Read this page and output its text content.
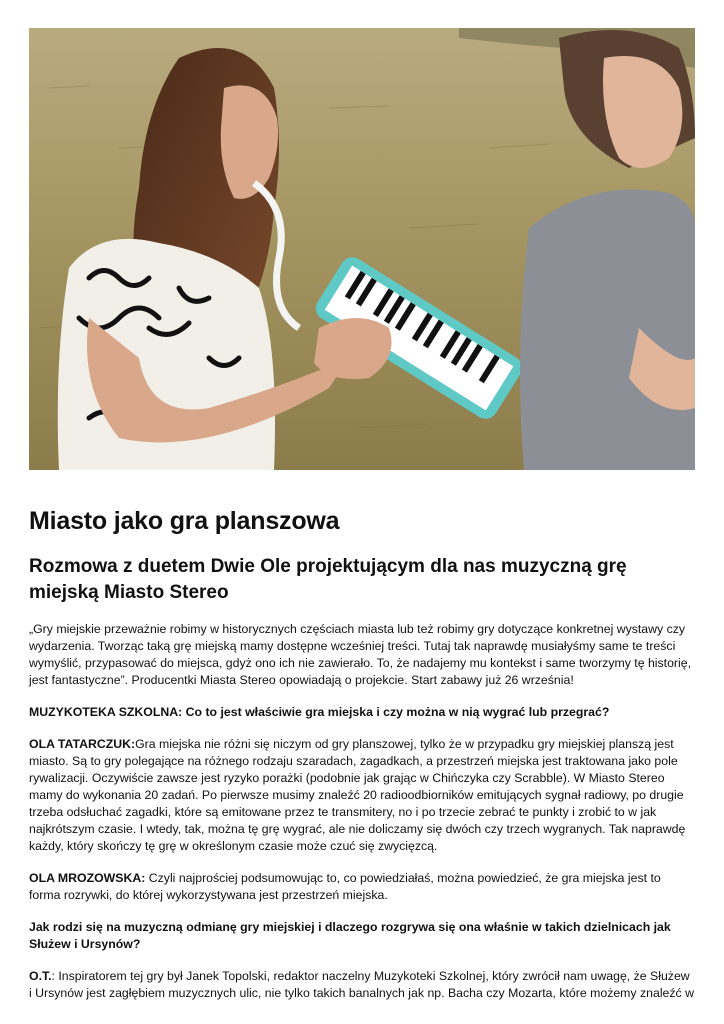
Miasto jako gra planszowa
Rozmowa z duetem Dwie Ole projektującym dla nas muzyczną grę miejską Miasto Stereo

„Gry miejskie przeważnie robimy w historycznych częściach miasta lub też robimy gry dotyczące konkretnej wystawy czy wydarzenia. Tworząc taką grę miejską mamy dostępne wcześniej treści. Tutaj tak naprawdę musiałyśmy same te treści wymyślić, przypasować do miejsca, gdyż ono ich nie zawierało. To, że nadajemy mu kontekst i same tworzymy tę historię, jest fantastyczne”. Producentki Miasta Stereo opowiadają o projekcie. Start zabawy już 26 września!

MUZYKOTEKA SZKOLNA: Co to jest właściwie gra miejska i czy można w nią wygrać lub przegrać?

OLA TATARCZUK:Gra miejska nie różni się niczym od gry planszowej, tylko że w przypadku gry miejskiej planszą jest miasto. Są to gry polegające na różnego rodzaju szaradach, zagadkach, a przestrzeń miejska jest traktowana jako pole rywalizacji. Oczywiście zawsze jest ryzyko porażki (podobnie jak grając w Chińczyka czy Scrabble). W Miasto Stereo mamy do wykonania 20 zadań. Po pierwsze musimy znaleźć 20 radioodbiorników emitujących sygnał radiowy, po drugie trzeba odsłuchać zagadki, które są emitowane przez te transmitery, no i po trzecie zebrać te punkty i zrobić to w jak najkrótszym czasie. I wtedy, tak, można tę grę wygrać, ale nie doliczamy się dwóch czy trzech wygranych. Tak naprawdę każdy, który skończy tę grę w określonym czasie może czuć się zwycięzcą.

OLA MROZOWSKA: Czyli najprościej podsumowując to, co powiedziałaś, można powiedzieć, że gra miejska jest to forma rozrywki, do której wykorzystywana jest przestrzeń miejska.

Jak rodzi się na muzyczną odmianę gry miejskiej i dlaczego rozgrywa się ona właśnie w takich dzielnicach jak Służew i Ursynów?

O.T.: Inspiratorem tej gry był Janek Topolski, redaktor naczelny Muzykoteki Szkolnej, który zwrócił nam uwagę, że Służew i Ursynów jest zagłębiem muzycznych ulic, nie tylko takich banalnych jak np. Bacha czy Mozarta, które możemy znaleźć w
